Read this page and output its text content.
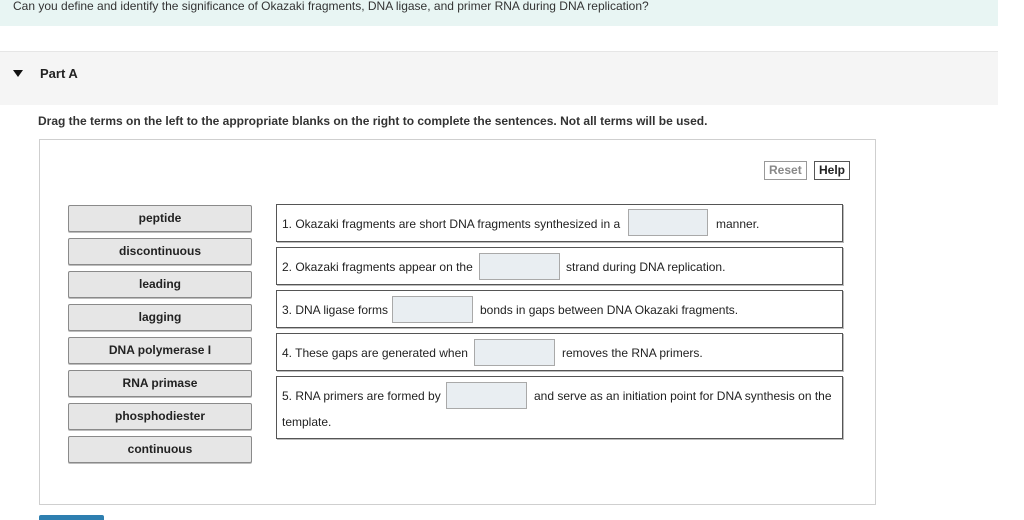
Can you define and identify the significance of Okazaki fragments, DNA ligase, and primer RNA during DNA replication?
Part A
Drag the terms on the left to the appropriate blanks on the right to complete the sentences. Not all terms will be used.
Reset	Help
peptide
discontinuous
leading
lagging
DNA polymerase I
RNA primase
phosphodiester
continuous
1. Okazaki fragments are short DNA fragments synthesized in a	manner.
2. Okazaki fragments appear on the	strand during DNA replication.
3. DNA ligase forms	bonds in gaps between DNA Okazaki fragments.
4. These gaps are generated when	removes the RNA primers.
5. RNA primers are formed by	and serve as an initiation point for DNA synthesis on the
template.
